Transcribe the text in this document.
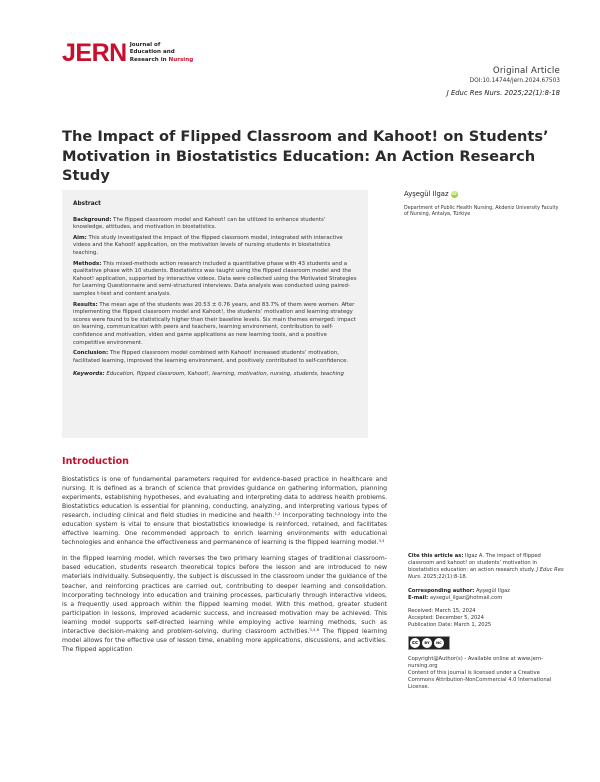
JERN Journal of
Education and
Research in Nursing
Original Article
DOI:10.14744/jern.2024.67503
J Educ Res Nurs. 2025;22(1):8-18
The Impact of Flipped Classroom and Kahoot! on Students’ Motivation in Biostatistics Education: An Action Research Study
Abstract

Background: The flipped classroom model and Kahoot! can be utilized to enhance students’ knowledge, attitudes, and motivation in biostatistics.

Aim: This study investigated the impact of the flipped classroom model, integrated with interactive videos and the Kahoot! application, on the motivation levels of nursing students in biostatistics teaching.

Methods: This mixed-methods action research included a quantitative phase with 43 students and a qualitative phase with 10 students. Biostatistics was taught using the flipped classroom model and the Kahoot! application, supported by interactive videos. Data were collected using the Motivated Strategies for Learning Questionnaire and semi-structured interviews. Data analysis was conducted using paired-samples t-test and content analysis.

Results: The mean age of the students was 20.53 ± 0.76 years, and 83.7% of them were women. After implementing the flipped classroom model and Kahoot!, the students’ motivation and learning strategy scores were found to be statistically higher than their baseline levels. Six main themes emerged: impact on learning, communication with peers and teachers, learning environment, contribution to self-confidence and motivation, video and game applications as new learning tools, and a positive competitive environment.

Conclusion: The flipped classroom model combined with Kahoot! increased students’ motivation, facilitated learning, improved the learning environment, and positively contributed to self-confidence.

Keywords: Education, flipped classroom, Kahoot!, learning, motivation, nursing, students, teaching

Ayşegül Ilgaz iD
Department of Public Health Nursing, Akdeniz University Faculty of Nursing, Antalya, Türkiye
Introduction

Biostatistics is one of fundamental parameters required for evidence-based practice in healthcare and nursing. It is defined as a branch of science that provides guidance on gathering information, planning experiments, establishing hypotheses, and evaluating and interpreting data to address health problems. Biostatistics education is essential for planning, conducting, analyzing, and interpreting various types of research, including clinical and field studies in medicine and health.$^{1,2}$ Incorporating technology into the education system is vital to ensure that biostatistics knowledge is reinforced, retained, and facilitates effective learning. One recommended approach to enrich learning environments with educational technologies and enhance the effectiveness and permanence of learning is the flipped learning model.$^{3,4}$

In the flipped learning model, which reverses the two primary learning stages of traditional classroom-based education, students research theoretical topics before the lesson and are introduced to new materials individually. Subsequently, the subject is discussed in the classroom under the guidance of the teacher, and reinforcing practices are carried out, contributing to deeper learning and consolidation. Incorporating technology into education and training processes, particularly through interactive videos, is a frequently used approach within the flipped learning model. With this method, greater student participation in lessons, improved academic success, and increased motivation may be achieved. This learning model supports self-directed learning while employing active learning methods, such as interactive decision-making and problem-solving, during classroom activities.$^{3,4,6}$ The flipped learning model allows for the effective use of lesson time, enabling more applications, discussions, and activities. The flipped application

Cite this article as: Ilgaz A. The impact of flipped classroom and kahoot! on students’ motivation in biostatistics education: an action research study. J Educ Res Nurs. 2025;22(1):8-18.
Corresponding author: Ayşegül Ilgaz
E-mail: aysegul_ilgaz@hotmail.com
Received: March 15, 2024
Accepted: December 5, 2024
Publication Date: March 1, 2025
cc	BY	NC
Copyright@Author(s) - Available online at www.jern-nursing.org
Content of this journal is licensed under a Creative Commons Attribution-NonCommercial 4.0 International License.
